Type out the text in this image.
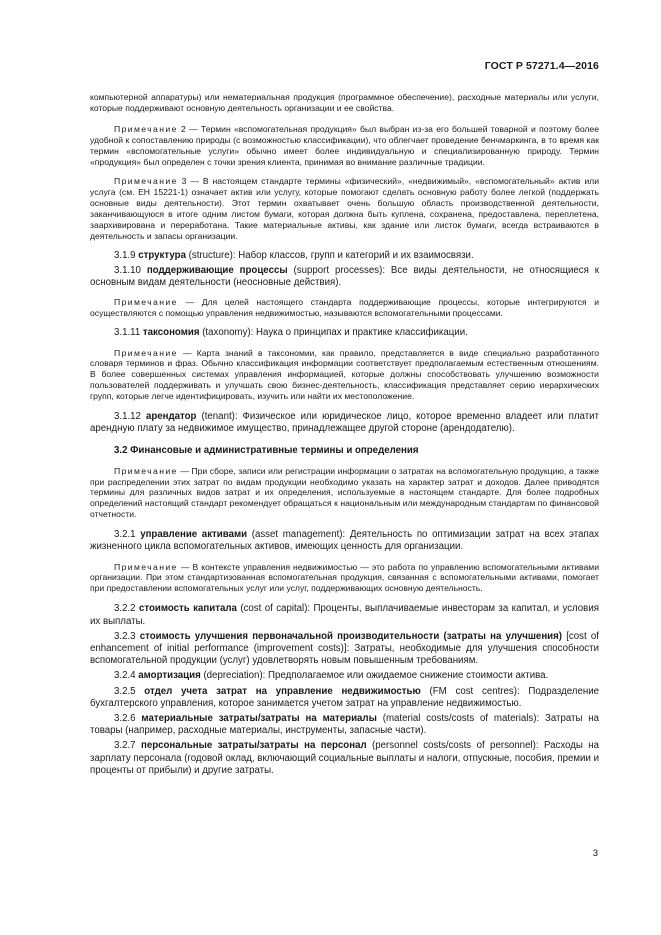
ГОСТ Р 57271.4—2016

компьютерной аппаратуры) или нематериальная продукция (программное обеспечение), расходные материалы или услуги, которые поддерживают основную деятельность организации и ее свойства.

Примечание 2 — Термин «вспомогательная продукция» был выбран из-за его большей товарной и поэтому более удобной к сопоставлению природы (с возможностью классификации), что облегчает проведение бенчмаркинга, в то время как термин «вспомогательные услуги» обычно имеет более индивидуальную и специализированную природу. Термин «продукция» был определен с точки зрения клиента, принимая во внимание различные традиции.

Примечание 3 — В настоящем стандарте термины «физический», «недвижимый», «вспомогательный» актив или услуга (см. ЕН 15221-1) означает актив или услугу, которые помогают сделать основную работу более легкой (поддержать основные виды деятельности). Этот термин охватывает очень большую область производственной деятельности, заканчивающуюся в итоге одним листом бумаги, которая должна быть куплена, сохранена, предоставлена, переплетена, заархивирована и переработана. Такие материальные активы, как здание или листок бумаги, всегда встраиваются в деятельность и запасы организации.

3.1.9 структура (structure): Набор классов, групп и категорий и их взаимосвязи.

3.1.10 поддерживающие процессы (support processes): Все виды деятельности, не относящиеся к основным видам деятельности (неосновные действия).

Примечание — Для целей настоящего стандарта поддерживающие процессы, которые интегрируются и осуществляются с помощью управления недвижимостью, называются вспомогательными процессами.

3.1.11 таксономия (taxonomy): Наука о принципах и практике классификации.

Примечание — Карта знаний в таксономии, как правило, представляется в виде специально разработанного словаря терминов и фраз. Обычно классификация информации соответствует предполагаемым естественным отношениям. В более совершенных системах управления информацией, которые должны способствовать улучшению возможности пользователей поддерживать и улучшать свою бизнес-деятельность, классификация представляет серию иерархических групп, которые легче идентифицировать, изучить или найти их местоположение.

3.1.12 арендатор (tenant): Физическое или юридическое лицо, которое временно владеет или платит арендную плату за недвижимое имущество, принадлежащее другой стороне (арендодателю).

3.2 Финансовые и административные термины и определения

Примечание — При сборе, записи или регистрации информации о затратах на вспомогательную продукцию, а также при распределении этих затрат по видам продукции необходимо указать на характер затрат и доходов. Далее приводятся термины для различных видов затрат и их определения, используемые в настоящем стандарте. Для более подробных определений настоящий стандарт рекомендует обращаться к национальным или международным стандартам по финансовой отчетности.

3.2.1 управление активами (asset management): Деятельность по оптимизации затрат на всех этапах жизненного цикла вспомогательных активов, имеющих ценность для организации.

Примечание — В контексте управления недвижимостью — это работа по управлению вспомогательными активами организации. При этом стандартизованная вспомогательная продукция, связанная с вспомогательными активами, помогает при предоставлении вспомогательных услуг или услуг, поддерживающих основную деятельность.

3.2.2 стоимость капитала (cost of capital): Проценты, выплачиваемые инвесторам за капитал, и условия их выплаты.

3.2.3 стоимость улучшения первоначальной производительности (затраты на улучшения) [cost of enhancement of initial performance (improvement costs)]: Затраты, необходимые для улучшения способности вспомогательной продукции (услуг) удовлетворять новым повышенным требованиям.

3.2.4 амортизация (depreciation): Предполагаемое или ожидаемое снижение стоимости актива.

3.2.5 отдел учета затрат на управление недвижимостью (FM cost centres): Подразделение бухгалтерского управления, которое занимается учетом затрат на управление недвижимостью.

3.2.6 материальные затраты/затраты на материалы (material costs/costs of materials): Затраты на товары (например, расходные материалы, инструменты, запасные части).

3.2.7 персональные затраты/затраты на персонал (personnel costs/costs of personnel): Расходы на зарплату персонала (годовой оклад, включающий социальные выплаты и налоги, отпускные, пособия, премии и проценты от прибыли) и другие затраты.

3
